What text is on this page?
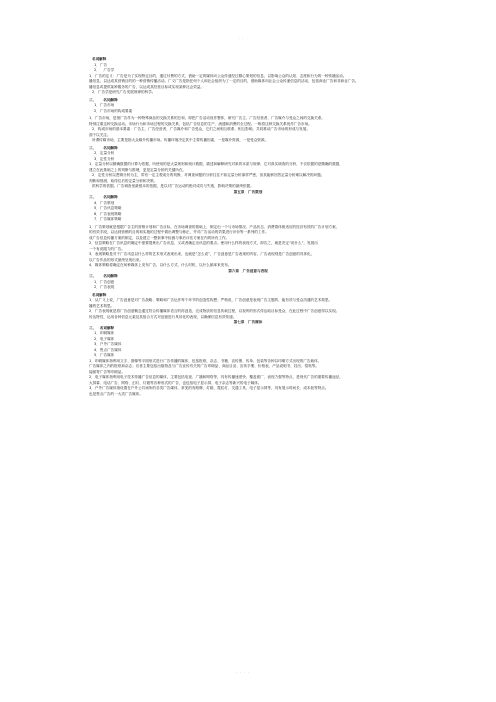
· ·

名词解释

1．广告

2．　广告学

1．广告的定义：广告是为了实现特定目的，通过付费的方式，借助一定的媒体向公众传递经过精心策划的信息，以影响公众的认知、态度和行为的一种传播活动。

播信息，以达成其营销目的的一种营销传播活动。广义广告是指任何个人和社会组织为了一定的目的，借助媒体向社会公众传递信息的活动，包括商业广告和非商业广告。

播信息或提供某种服务的广告，以达成其经营目标或实现某种社会效益。

2．广告学是研究广告发展规律的科学。

三、　　名词解释

1．广告市场

2．广告市场的构成要素

1．广告市场，是指广告作为一种特殊商品的交换关系的总和，即把广告活动视作整体，研究广告主、广告经营者、广告媒介与受众之间的交换关系。

特别注重这种交换活动。市场行为和市场过程的交换关系，包括广告信息的生产、流通和消费的全过程。一般将这种交换关系视作广告市场。

2．构成市场的基本要素：广告主、广告经营者、广告媒介和广告受众，它们之间相互联系、相互影响，共同推动广告市场的形成与发展。

面于以关注。

所谓传媒市场，主要是指大众媒介传播市场。传播环境决定其中主要传播因素，一是媒介资源，一是受众资源。

三、　　名词解释

2．定量分析

3．定性分析

1．定量分析以精确数据的计算为依据，所使用的是大量规则和统计数据，描述和解释研究对象的本质与规律，它对真实调查的分析，不仅依据的是精确的数据，

建立在此基础之上的判断与推理，更是定量分析的关键所在。

2．定性分析以逻辑分析为主，带有一定主观成分的判断，对调查问题的分析往往不如定量分析那样严密，但其能够回答定量分析难以解决的问题。

判断和预测，取得往后的定量分析和决策。

供科学的依据。广告调查里最根本的依据，是以对广告运动的绝对成功与失败，影响决策的最终依据。

第五章　广告策划

三、　　名词解释

4．广告策划

5．广告讯息策略

6．广告表现策略

7．广告媒体策略

1．广告策划就是根据广告主的营销计划和广告目标，在市场调查的基础上，制定出一个与市场情况、产品状态、消费群体相适应的经济有效的广告计划方案，

的有效手段，以达到营销的目的和实施的过程中做出调整与修正，并对广告活动的效果进行评价等一系列的工作。

成广告信息传播方案的制定，以及建立一整套事中检测与事后评估方案在内的所有工作。

2．信息策略在广告讯息的确定中需要提炼出广告讯息，又或者确定出讯息的要点。使用什么样的表现方式，即告之，就是决定“说什么”，发展出

一个有说服力的广告。

3．表现策略是对于广告讯息以什么样的艺术形式表现出来，也就是“怎么说”，广告创意是广告表现的内容，广告表现则是广告创意的具体化。

以广告作品的形式最终呈现出来。

4．媒体策略将确定在何种媒体上发布广告，以什么方式、什么时机、以什么频率来发布。

第六章　广告创意与表现

三、　　名词解释

1．广告创意

2．广告表现

名词解释

1．从广义上说，广告创意是对广告战略、策略和广告运作每个环节的创造性构想；严格说，广告创意是表现广告主题的、能有效与受众沟通的艺术构思。

播的艺术构思。

2．广告表现就是将广告创意概念通过符合传播媒体语言的再创造，完成物质的信息传载过程，以视听的形式传达给目标受众，在此过程中广告创意得以实现。

传达特性，运用各种信息元素及其组合方式对创意进行具体化的表现，以确保信息有效传递。

第七章　广告媒体

三、　名词解释

1．印刷媒体

2．电子媒体

3．户外广告媒体

4．售点广告媒体

5．广告媒体

1．印刷媒体指利用文字、图像等平面形式进行广告传播的媒体，包括报纸、杂志、书籍、宣传册、传单、包装等各种以印刷方式出现的广告载体。

广告媒体之内的报纸和杂志；后者主要包括出版物及与广告宣传有关的广告印刷品、商品目录、宣传手册、价格表、产品说明书、挂历、招贴等。

接邮寄广告等印刷品。

2．电子媒体指利用电子技术传播广告信息的媒体，主要包括电视、广播和网络等，具有传播速度快、覆盖面广、表现力强等特点，是现代广告的重要传播途径。

大屏幕、电话广告、网络、幻灯、灯箱等各种形式的广告，也包括电子显示屏、电子杂志等新兴的电子媒体。

3．户外广告媒体指设置在户外公共场所的各类广告媒体，常见的有路牌、灯箱、霓虹灯、交通工具、电子显示屏等，具有展示时间长、成本低等特点。

也是售点广告的一大类广告媒体。

· · · ·
